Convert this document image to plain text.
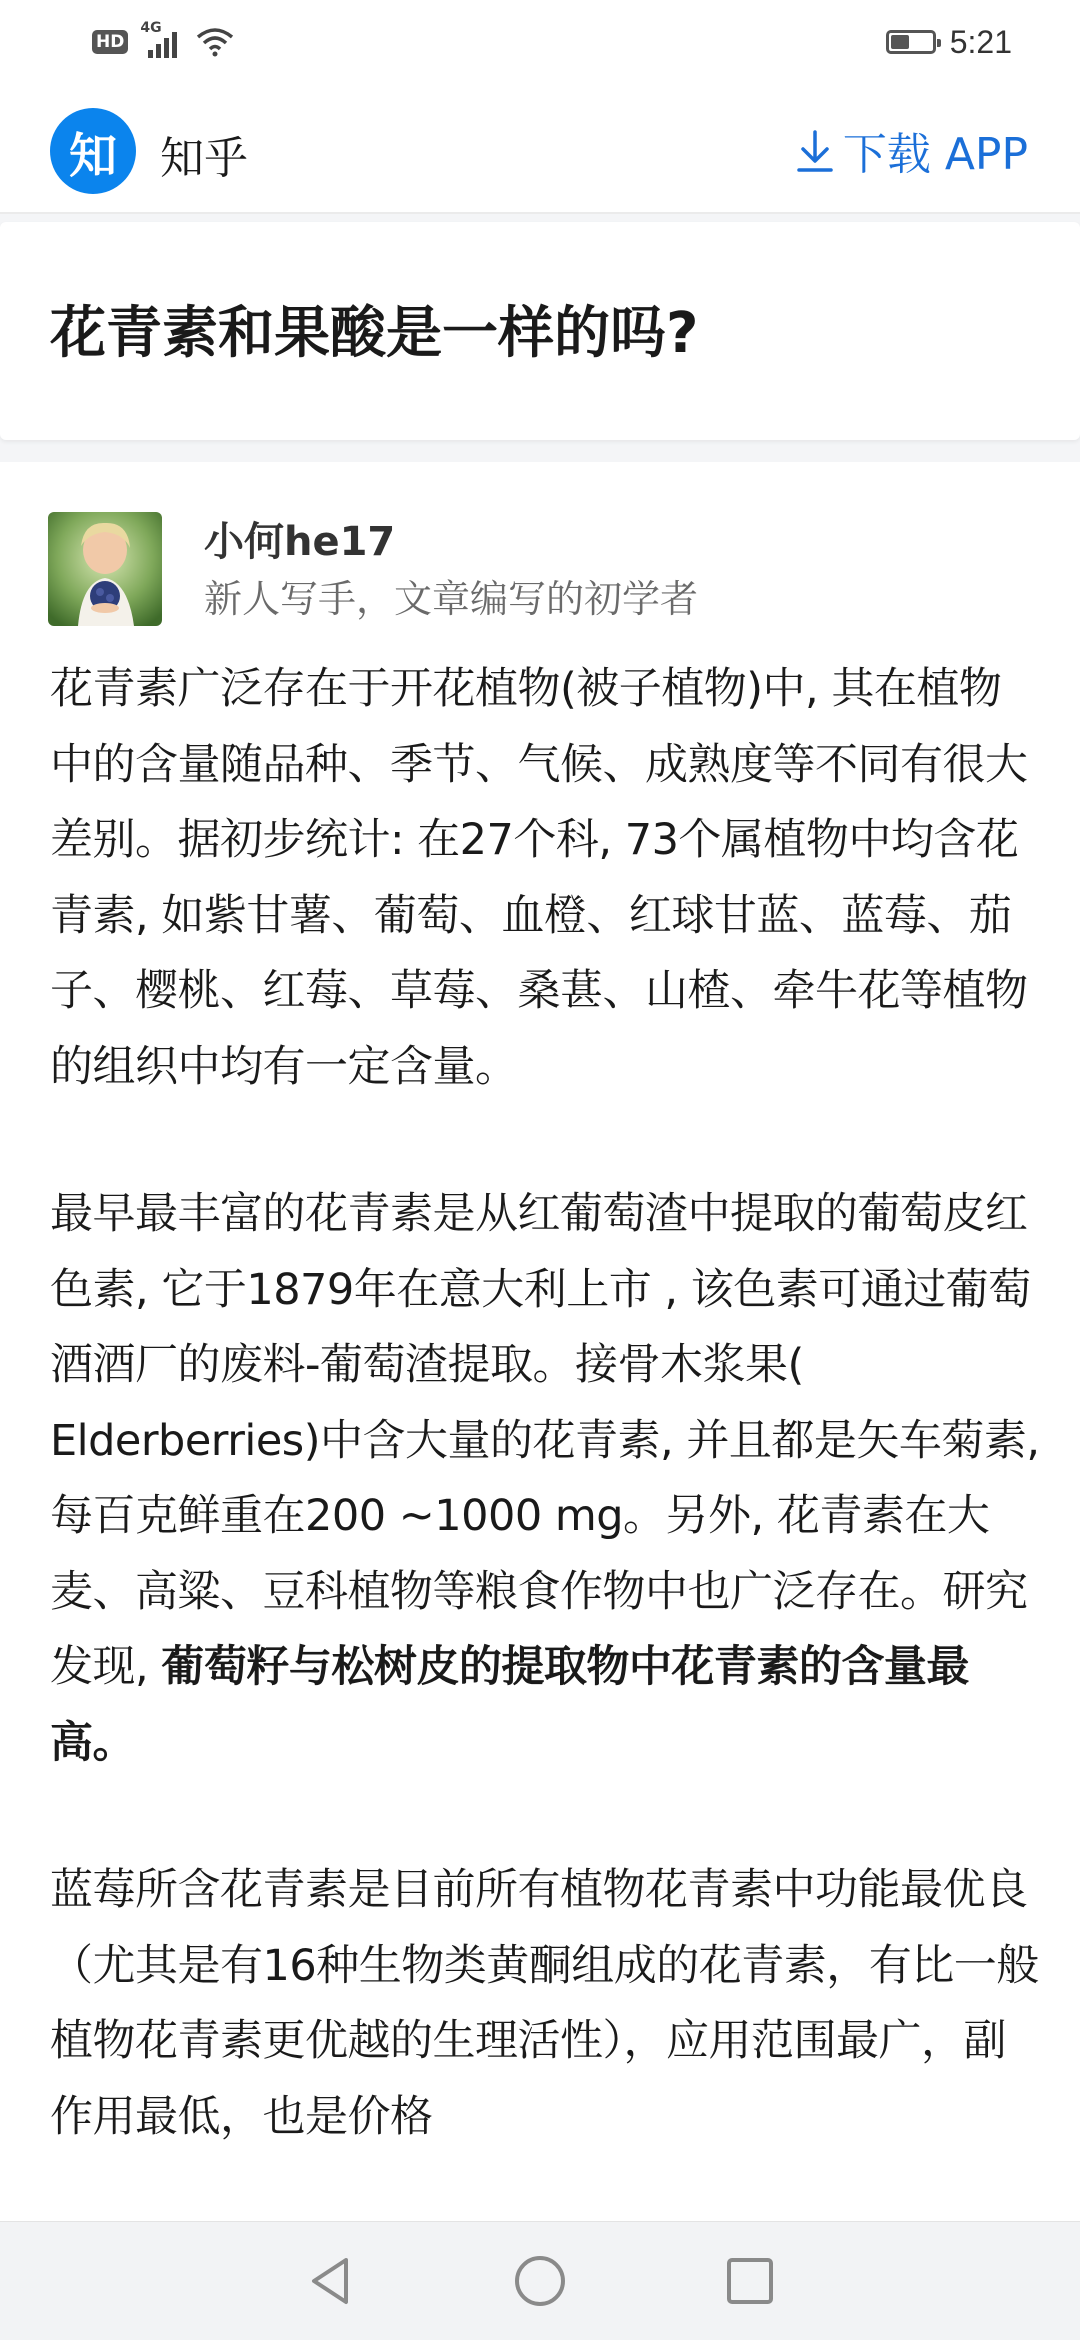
HD
4G	5:21
知 知乎	下载 APP
花青素和果酸是一样的吗?
小何he17
新人写手，文章编写的初学者

花青素广泛存在于开花植物(被子植物)中, 其在植物中的含量随品种、季节、气候、成熟度等不同有很大差别。据初步统计: 在27个科, 73个属植物中均含花青素, 如紫甘薯、葡萄、血橙、红球甘蓝、蓝莓、茄子、樱桃、红莓、草莓、桑葚、山楂、牵牛花等植物的组织中均有一定含量。

最早最丰富的花青素是从红葡萄渣中提取的葡萄皮红色素, 它于1879年在意大利上市 , 该色素可通过葡萄酒酒厂的废料-葡萄渣提取。接骨木浆果( Elderberries)中含大量的花青素, 并且都是矢车菊素, 每百克鲜重在200 ~1000 mg。另外, 花青素在大麦、高粱、豆科植物等粮食作物中也广泛存在。研究发现, 葡萄籽与松树皮的提取物中花青素的含量最高。

蓝莓所含花青素是目前所有植物花青素中功能最优良（尤其是有16种生物类黄酮组成的花青素，有比一般植物花青素更优越的生理活性），应用范围最广，副作用最低，也是价格
